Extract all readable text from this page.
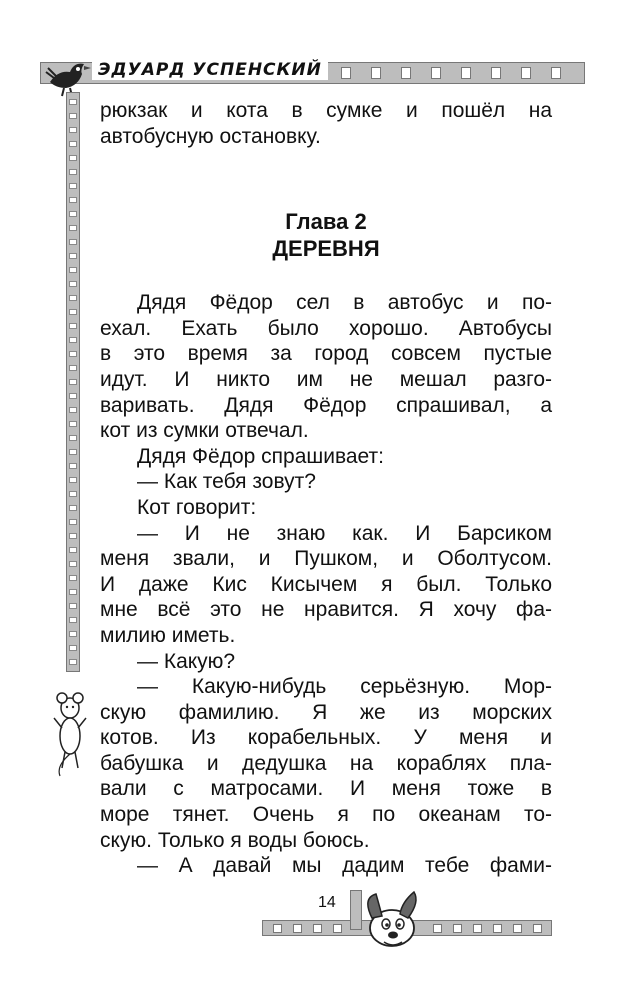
ЭДУАРД УСПЕНСКИЙ
рюкзак и кота в сумке и пошёл на
автобусную остановку.
Глава 2
ДЕРЕВНЯ
Дядя Фёдор сел в автобус и по-
ехал. Ехать было хорошо. Автобусы
в это время за город совсем пустые
идут. И никто им не мешал разго-
варивать. Дядя Фёдор спрашивал, а
кот из сумки отвечал.
Дядя Фёдор спрашивает:
— Как тебя зовут?
Кот говорит:
— И не знаю как. И Барсиком
меня звали, и Пушком, и Оболтусом.
И даже Кис Кисычем я был. Только
мне всё это не нравится. Я хочу фа-
милию иметь.
— Какую?
— Какую-нибудь серьёзную. Мор-
скую фамилию. Я же из морских
котов. Из корабельных. У меня и
бабушка и дедушка на кораблях пла-
вали с матросами. И меня тоже в
море тянет. Очень я по океанам то-
скую. Только я воды боюсь.
— А давай мы дадим тебе фами-
14
